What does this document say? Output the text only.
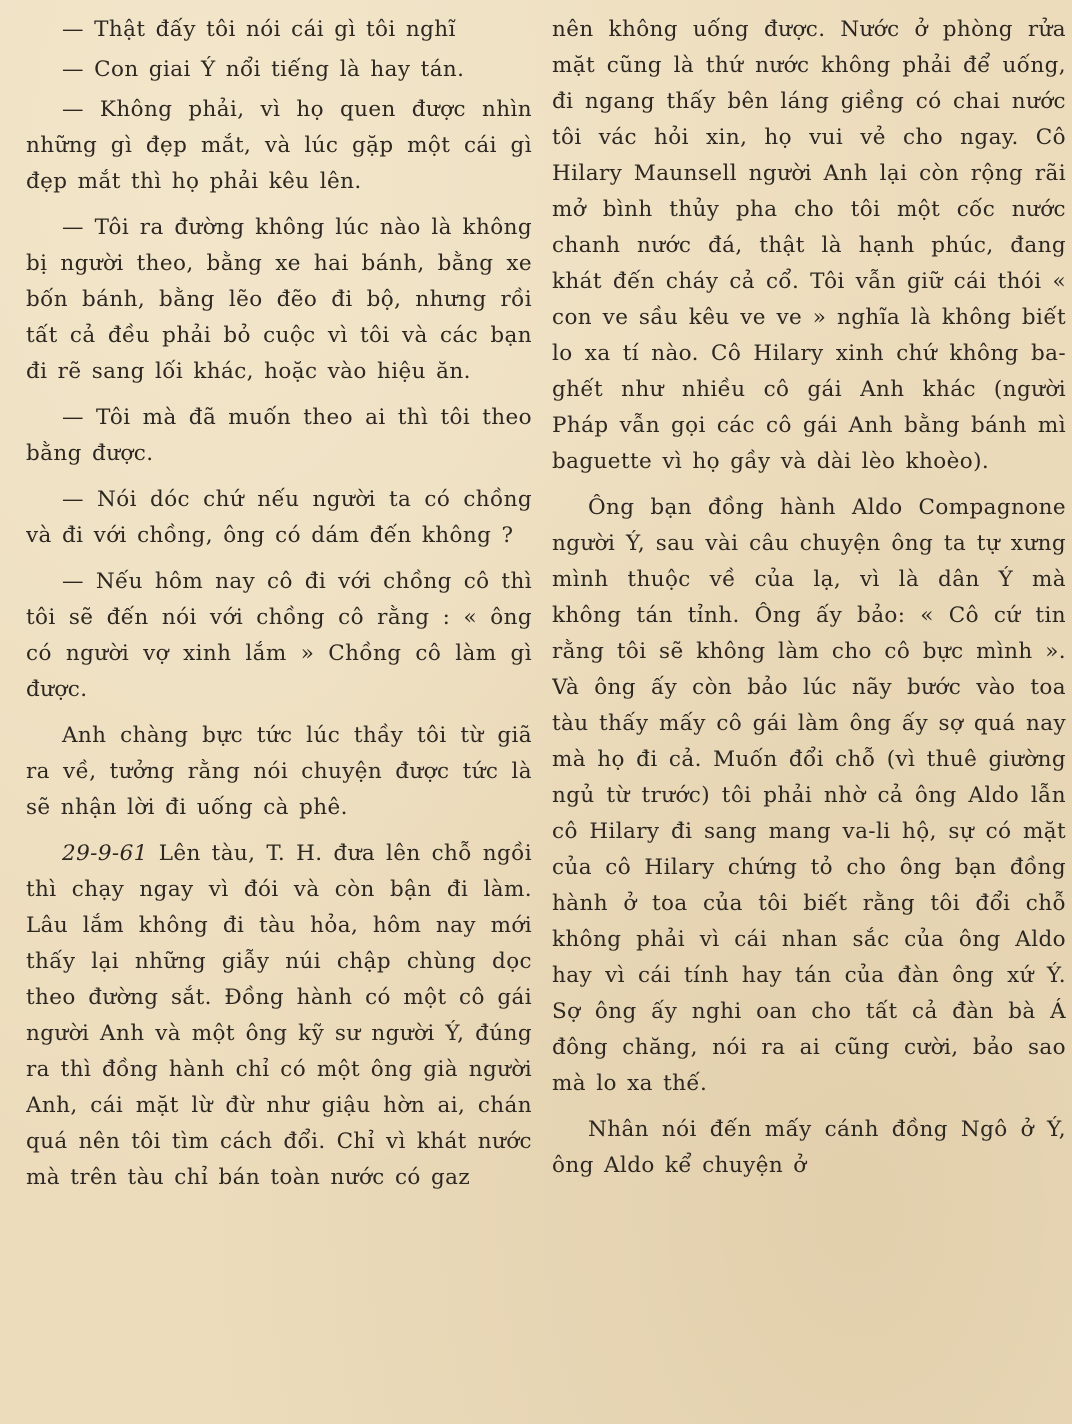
— Thật đấy tôi nói cái gì tôi nghĩ

— Con giai Ý nổi tiếng là hay tán.

— Không phải, vì họ quen được nhìn những gì đẹp mắt, và lúc gặp một cái gì đẹp mắt thì họ phải kêu lên.

— Tôi ra đường không lúc nào là không bị người theo, bằng xe hai bánh, bằng xe bốn bánh, bằng lẽo đẽo đi bộ, nhưng rồi tất cả đều phải bỏ cuộc vì tôi và các bạn đi rẽ sang lối khác, hoặc vào hiệu ăn.

— Tôi mà đã muốn theo ai thì tôi theo bằng được.

— Nói dóc chứ nếu người ta có chồng và đi với chồng, ông có dám đến không ?

— Nếu hôm nay cô đi với chồng cô thì tôi sẽ đến nói với chồng cô rằng : « ông có người vợ xinh lắm » Chồng cô làm gì được.

Anh chàng bực tức lúc thầy tôi từ giã ra về, tưởng rằng nói chuyện được tức là sẽ nhận lời đi uống cà phê.

29-9-61 Lên tàu, T. H. đưa lên chỗ ngồi thì chạy ngay vì đói và còn bận đi làm. Lâu lắm không đi tàu hỏa, hôm nay mới thấy lại những giẫy núi chập chùng dọc theo đường sắt. Đồng hành có một cô gái người Anh và một ông kỹ sư người Ý, đúng ra thì đồng hành chỉ có một ông già người Anh, cái mặt lừ đừ như giậu hờn ai, chán quá nên tôi tìm cách đổi. Chỉ vì khát nước mà trên tàu chỉ bán toàn nước có gaz

nên không uống được. Nước ở phòng rửa mặt cũng là thứ nước không phải để uống, đi ngang thấy bên láng giềng có chai nước tôi vác hỏi xin, họ vui vẻ cho ngay. Cô Hilary Maunsell người Anh lại còn rộng rãi mở bình thủy pha cho tôi một cốc nước chanh nước đá, thật là hạnh phúc, đang khát đến cháy cả cổ. Tôi vẫn giữ cái thói « con ve sầu kêu ve ve » nghĩa là không biết lo xa tí nào. Cô Hilary xinh chứ không ba-ghết như nhiều cô gái Anh khác (người Pháp vẫn gọi các cô gái Anh bằng bánh mì baguette vì họ gầy và dài lèo khoèo).

Ông bạn đồng hành Aldo Compagnone người Ý, sau vài câu chuyện ông ta tự xưng mình thuộc về của lạ, vì là dân Ý mà không tán tỉnh. Ông ấy bảo: « Cô cứ tin rằng tôi sẽ không làm cho cô bực mình ». Và ông ấy còn bảo lúc nãy bước vào toa tàu thấy mấy cô gái làm ông ấy sợ quá nay mà họ đi cả. Muốn đổi chỗ (vì thuê giường ngủ từ trước) tôi phải nhờ cả ông Aldo lẫn cô Hilary đi sang mang va-li hộ, sự có mặt của cô Hilary chứng tỏ cho ông bạn đồng hành ở toa của tôi biết rằng tôi đổi chỗ không phải vì cái nhan sắc của ông Aldo hay vì cái tính hay tán của đàn ông xứ Ý. Sợ ông ấy nghi oan cho tất cả đàn bà Á đông chăng, nói ra ai cũng cười, bảo sao mà lo xa thế.

Nhân nói đến mấy cánh đồng Ngô ở Ý, ông Aldo kể chuyện ở
